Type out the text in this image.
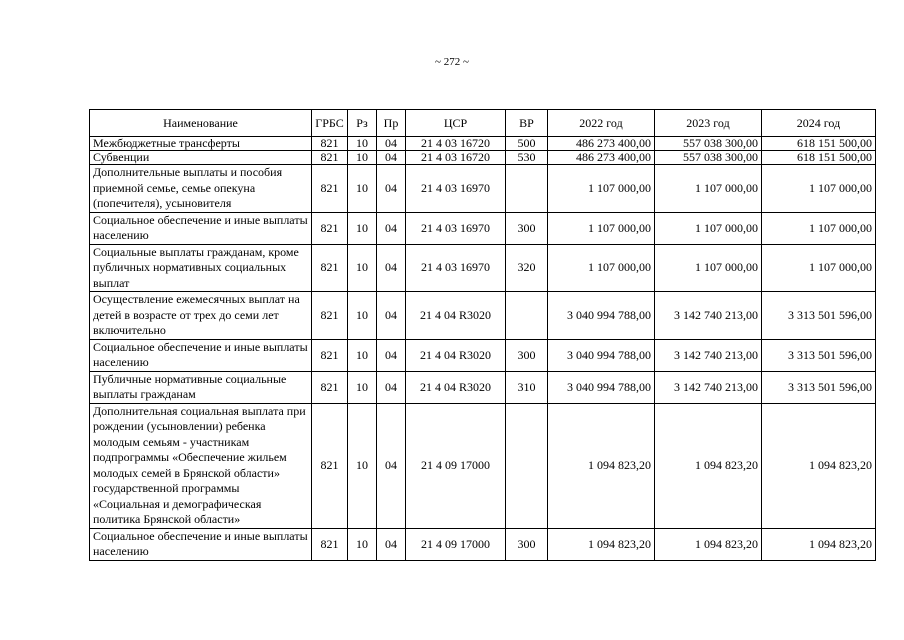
~ 272 ~
Наименование	ГРБС	Рз	Пр	ЦСР	ВР	2022 год	2023 год	2024 год
Межбюджетные трансферты	821	10	04	21 4 03 16720	500	486 273 400,00	557 038 300,00	618 151 500,00
Субвенции	821	10	04	21 4 03 16720	530	486 273 400,00	557 038 300,00	618 151 500,00
Дополнительные выплаты и пособия приемной семье, семье опекуна (попечителя), усыновителя	821	10	04	21 4 03 16970		1 107 000,00	1 107 000,00	1 107 000,00
Социальное обеспечение и иные выплаты населению	821	10	04	21 4 03 16970	300	1 107 000,00	1 107 000,00	1 107 000,00
Социальные выплаты гражданам, кроме публичных нормативных социальных выплат	821	10	04	21 4 03 16970	320	1 107 000,00	1 107 000,00	1 107 000,00
Осуществление ежемесячных выплат на детей в возрасте от трех до семи лет включительно	821	10	04	21 4 04 R3020		3 040 994 788,00	3 142 740 213,00	3 313 501 596,00
Социальное обеспечение и иные выплаты населению	821	10	04	21 4 04 R3020	300	3 040 994 788,00	3 142 740 213,00	3 313 501 596,00
Публичные нормативные социальные выплаты гражданам	821	10	04	21 4 04 R3020	310	3 040 994 788,00	3 142 740 213,00	3 313 501 596,00
Дополнительная социальная выплата при рождении (усыновлении) ребенка молодым семьям - участникам подпрограммы «Обеспечение жильем молодых семей в Брянской области» государственной программы «Социальная и демографическая политика Брянской области»	821	10	04	21 4 09 17000		1 094 823,20	1 094 823,20	1 094 823,20
Социальное обеспечение и иные выплаты населению	821	10	04	21 4 09 17000	300	1 094 823,20	1 094 823,20	1 094 823,20
